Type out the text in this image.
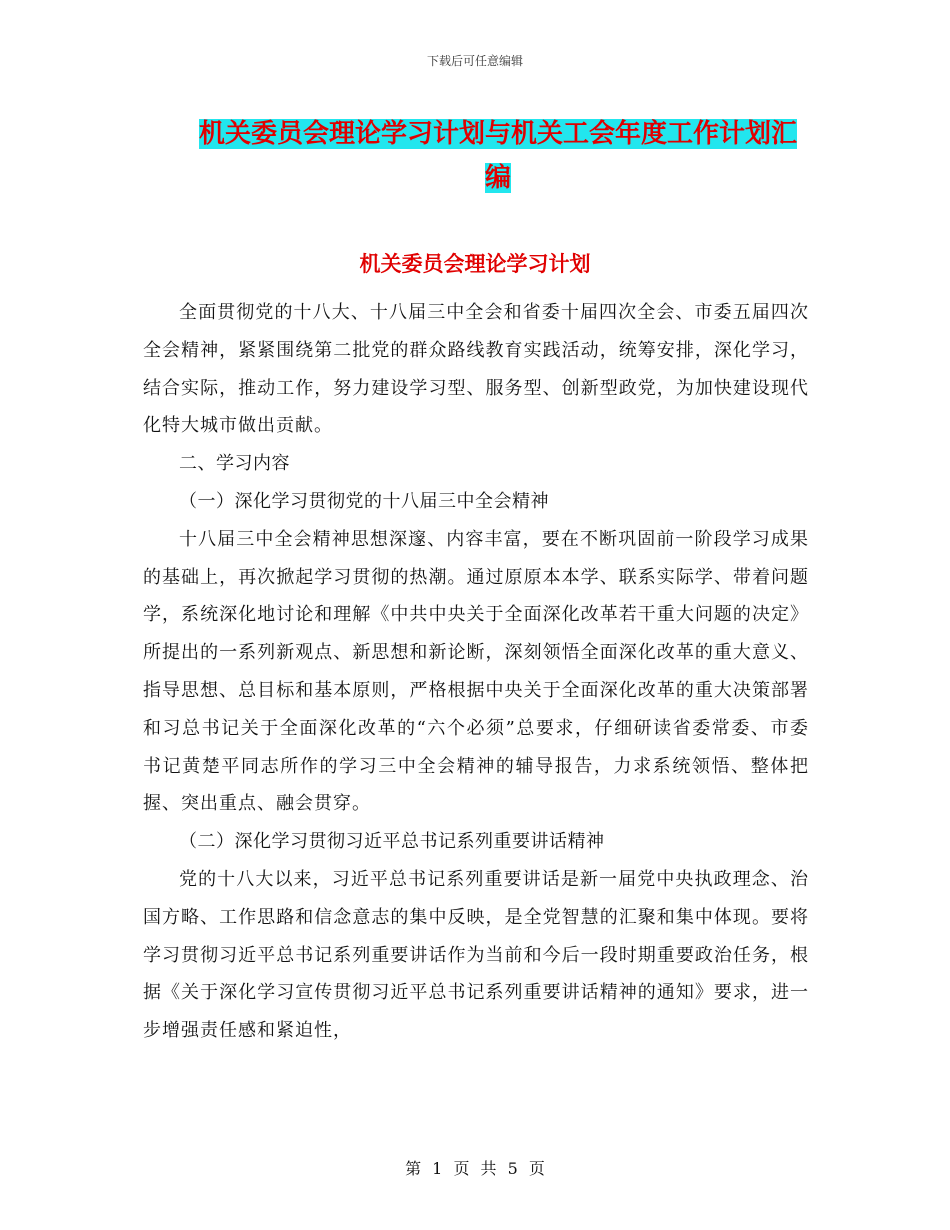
下载后可任意编辑
机关委员会理论学习计划与机关工会年度工作计划汇编
机关委员会理论学习计划

全面贯彻党的十八大、十八届三中全会和省委十届四次全会、市委五届四次全会精神，紧紧围绕第二批党的群众路线教育实践活动，统筹安排，深化学习，结合实际，推动工作，努力建设学习型、服务型、创新型政党，为加快建设现代化特大城市做出贡献。

二、学习内容

（一）深化学习贯彻党的十八届三中全会精神

十八届三中全会精神思想深邃、内容丰富，要在不断巩固前一阶段学习成果的基础上，再次掀起学习贯彻的热潮。通过原原本本学、联系实际学、带着问题学，系统深化地讨论和理解《中共中央关于全面深化改革若干重大问题的决定》所提出的一系列新观点、新思想和新论断，深刻领悟全面深化改革的重大意义、指导思想、总目标和基本原则，严格根据中央关于全面深化改革的重大决策部署和习总书记关于全面深化改革的“六个必须”总要求，仔细研读省委常委、市委书记黄楚平同志所作的学习三中全会精神的辅导报告，力求系统领悟、整体把握、突出重点、融会贯穿。

（二）深化学习贯彻习近平总书记系列重要讲话精神

党的十八大以来，习近平总书记系列重要讲话是新一届党中央执政理念、治国方略、工作思路和信念意志的集中反映，是全党智慧的汇聚和集中体现。要将学习贯彻习近平总书记系列重要讲话作为当前和今后一段时期重要政治任务，根据《关于深化学习宣传贯彻习近平总书记系列重要讲话精神的通知》要求，进一步增强责任感和紧迫性，

第 1 页 共 5 页
